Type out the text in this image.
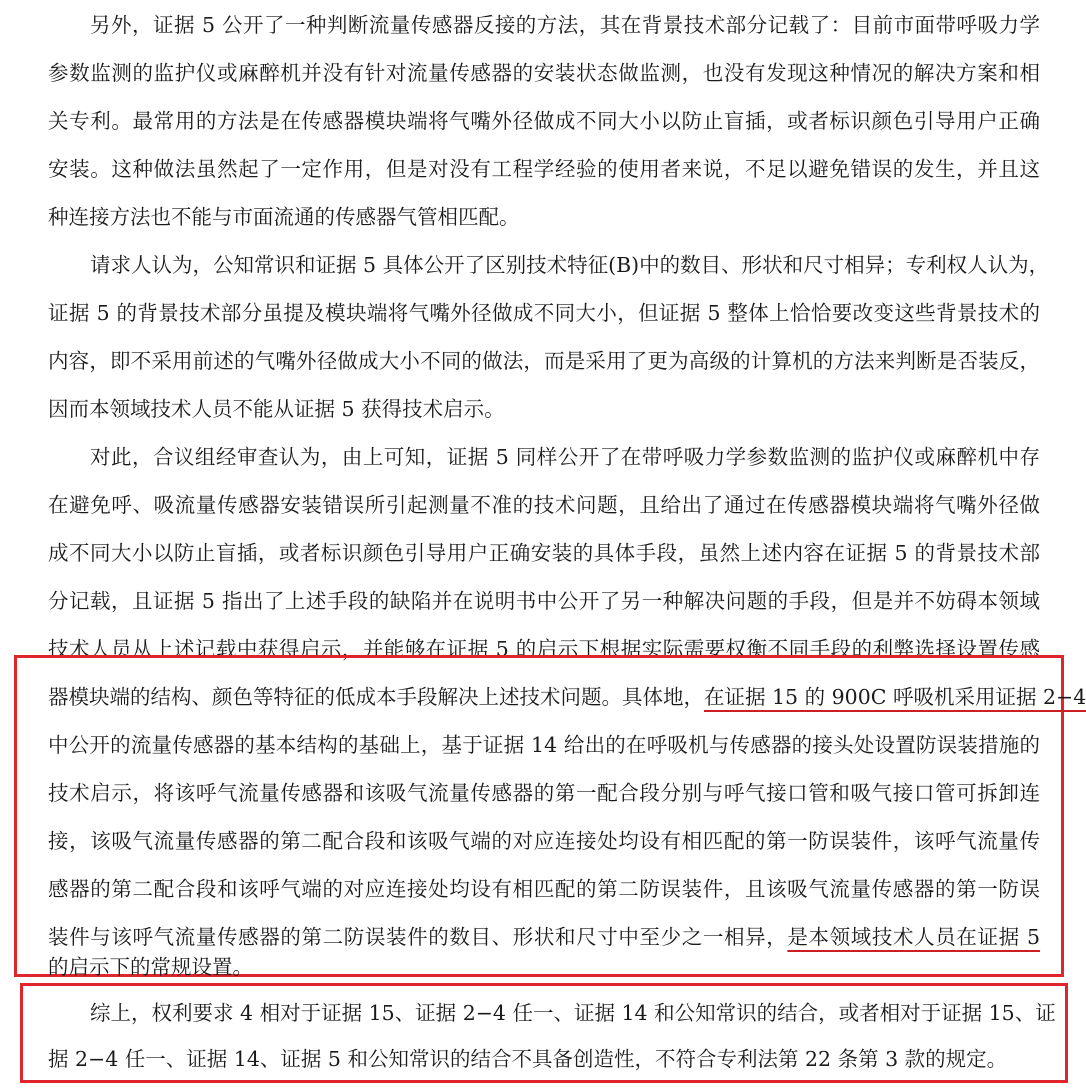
另外，证据 5 公开了一种判断流量传感器反接的方法，其在背景技术部分记载了：目前市面带呼吸力学
参数监测的监护仪或麻醉机并没有针对流量传感器的安装状态做监测，也没有发现这种情况的解决方案和相
关专利。最常用的方法是在传感器模块端将气嘴外径做成不同大小以防止盲插，或者标识颜色引导用户正确
安装。这种做法虽然起了一定作用，但是对没有工程学经验的使用者来说，不足以避免错误的发生，并且这
种连接方法也不能与市面流通的传感器气管相匹配。
请求人认为，公知常识和证据 5 具体公开了区别技术特征(B)中的数目、形状和尺寸相异；专利权人认为，
证据 5 的背景技术部分虽提及模块端将气嘴外径做成不同大小，但证据 5 整体上恰恰要改变这些背景技术的
内容，即不采用前述的气嘴外径做成大小不同的做法，而是采用了更为高级的计算机的方法来判断是否装反，
因而本领域技术人员不能从证据 5 获得技术启示。
对此，合议组经审查认为，由上可知，证据 5 同样公开了在带呼吸力学参数监测的监护仪或麻醉机中存
在避免呼、吸流量传感器安装错误所引起测量不准的技术问题，且给出了通过在传感器模块端将气嘴外径做
成不同大小以防止盲插，或者标识颜色引导用户正确安装的具体手段，虽然上述内容在证据 5 的背景技术部
分记载，且证据 5 指出了上述手段的缺陷并在说明书中公开了另一种解决问题的手段，但是并不妨碍本领域
技术人员从上述记载中获得启示，并能够在证据 5 的启示下根据实际需要权衡不同手段的利弊选择设置传感
器模块端的结构、颜色等特征的低成本手段解决上述技术问题。具体地，在证据 15 的 900C 呼吸机采用证据 2−4
中公开的流量传感器的基本结构的基础上，基于证据 14 给出的在呼吸机与传感器的接头处设置防误装措施的
技术启示，将该呼气流量传感器和该吸气流量传感器的第一配合段分别与呼气接口管和吸气接口管可拆卸连
接，该吸气流量传感器的第二配合段和该吸气端的对应连接处均设有相匹配的第一防误装件，该呼气流量传
感器的第二配合段和该呼气端的对应连接处均设有相匹配的第二防误装件，且该吸气流量传感器的第一防误
装件与该呼气流量传感器的第二防误装件的数目、形状和尺寸中至少之一相异，是本领域技术人员在证据 5
的启示下的常规设置。
综上，权利要求 4 相对于证据 15、证据 2−4 任一、证据 14 和公知常识的结合，或者相对于证据 15、证
据 2−4 任一、证据 14、证据 5 和公知常识的结合不具备创造性，不符合专利法第 22 条第 3 款的规定。
